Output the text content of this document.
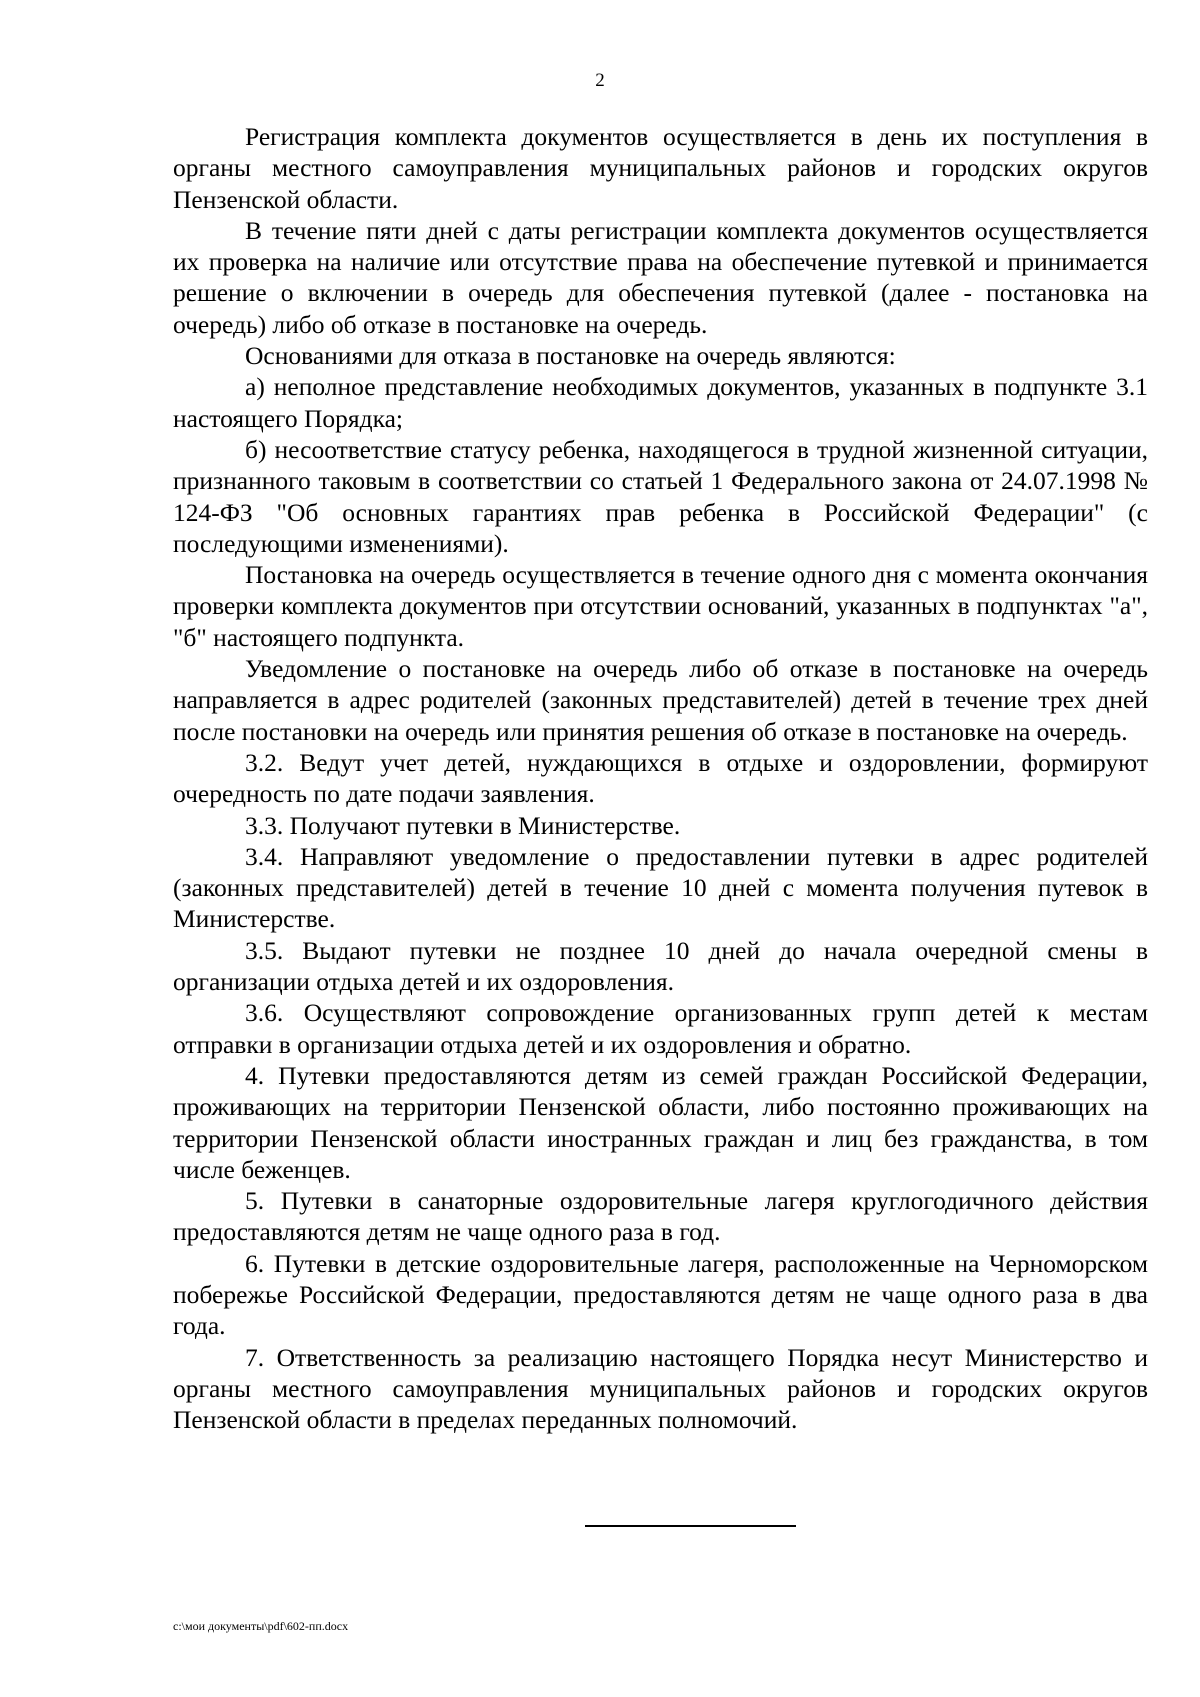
2

Регистрация комплекта документов осуществляется в день их поступления в органы местного самоуправления муниципальных районов и городских округов Пензенской области.

В течение пяти дней с даты регистрации комплекта документов осуществляется их проверка на наличие или отсутствие права на обеспечение путевкой и принимается решение о включении в очередь для обеспечения путевкой (далее - постановка на очередь) либо об отказе в постановке на очередь.

Основаниями для отказа в постановке на очередь являются:

а) неполное представление необходимых документов, указанных в подпункте 3.1 настоящего Порядка;

б) несоответствие статусу ребенка, находящегося в трудной жизненной ситуации, признанного таковым в соответствии со статьей 1 Федерального закона от 24.07.1998 № 124-ФЗ "Об основных гарантиях прав ребенка в Российской Федерации" (с последующими изменениями).

Постановка на очередь осуществляется в течение одного дня с момента окончания проверки комплекта документов при отсутствии оснований, указанных в подпунктах "а", "б" настоящего подпункта.

Уведомление о постановке на очередь либо об отказе в постановке на очередь направляется в адрес родителей (законных представителей) детей в течение трех дней после постановки на очередь или принятия решения об отказе в постановке на очередь.

3.2. Ведут учет детей, нуждающихся в отдыхе и оздоровлении, формируют очередность по дате подачи заявления.

3.3. Получают путевки в Министерстве.

3.4. Направляют уведомление о предоставлении путевки в адрес родителей (законных представителей) детей в течение 10 дней с момента получения путевок в Министерстве.

3.5. Выдают путевки не позднее 10 дней до начала очередной смены в организации отдыха детей и их оздоровления.

3.6. Осуществляют сопровождение организованных групп детей к местам отправки в организации отдыха детей и их оздоровления и обратно.

4. Путевки предоставляются детям из семей граждан Российской Федерации, проживающих на территории Пензенской области, либо постоянно проживающих на территории Пензенской области иностранных граждан и лиц без гражданства, в том числе беженцев.

5. Путевки в санаторные оздоровительные лагеря круглогодичного действия предоставляются детям не чаще одного раза в год.

6. Путевки в детские оздоровительные лагеря, расположенные на Черноморском побережье Российской Федерации, предоставляются детям не чаще одного раза в два года.

7. Ответственность за реализацию настоящего Порядка несут Министерство и органы местного самоуправления муниципальных районов и городских округов Пензенской области в пределах переданных полномочий.

c:\мои документы\pdf\602-пп.docx
